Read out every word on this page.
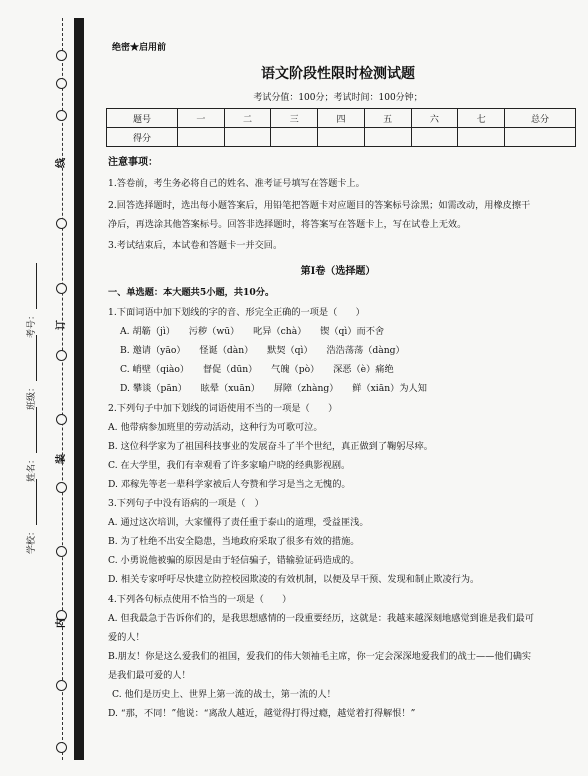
线
订
装
内
学校：
姓名：
班级：
考号：
绝密★启用前
语文阶段性限时检测试题
考试分值：100分；考试时间：100分钟；
题号	一	二	三	四	五	六	七	总分
得分								
注意事项：
1.答卷前，考生务必将自己的姓名、准考证号填写在答题卡上。
2.回答选择题时，选出每小题答案后，用铅笔把答题卡对应题目的答案标号涂黑；如需改动，用橡皮擦干
净后，再选涂其他答案标号。回答非选择题时，将答案写在答题卡上，写在试卷上无效。
3.考试结束后，本试卷和答题卡一并交回。
第Ⅰ卷（选择题）
一、单选题：本大题共5小题，共10分。
1.下面词语中加下划线的字的音、形完全正确的一项是（　　）
A. 胡簕（jì）　　污秽（wū）　　叱异（chà）　　锲（qì）而不舍
B. 邀请（yāo）　　怪诞（dàn）　　默契（qì）　　浩浩荡荡（dàng）
C. 峭壁（qiào）　　督促（dūn）　　气魄（pò）　　深恶（è）痛绝
D. 攀谈（pān）　　眩晕（xuān）　　屏障（zhàng）　　鲜（xiān）为人知
2.下列句子中加下划线的词语使用不当的一项是（　　）
A. 他带病参加班里的劳动活动，这种行为可歌可泣。
B. 这位科学家为了祖国科技事业的发展奋斗了半个世纪，真正做到了鞠躬尽瘁。
C. 在大学里，我们有幸观看了许多家喻户晓的经典影视剧。
D. 邓稼先等老一辈科学家被后人夸赞和学习是当之无愧的。
3.下列句子中没有语病的一项是（　）
A. 通过这次培训，大家懂得了责任重于泰山的道理，受益匪浅。
B. 为了杜绝不出安全隐患，当地政府采取了很多有效的措施。
C. 小勇说他被骗的原因是由于轻信骗子，错输验证码造成的。
D. 相关专家呼吁尽快建立防控校园欺凌的有效机制，以便及早干预、发现和制止欺凌行为。
4.下列各句标点使用不恰当的一项是（　　）
A. 但我最急于告诉你们的，是我思想感情的一段重要经历，这就是：我越来越深刻地感觉到谁是我们最可
爱的人！
B.朋友！你是这么爱我们的祖国，爱我们的伟大领袖毛主席，你一定会深深地爱我们的战士——他们确实
是我们最可爱的人！
C. 他们是历史上、世界上第一流的战士，第一流的人！
D. “那，不同！”他说：“离敌人越近，越觉得打得过瘾，越觉着打得解恨！”
